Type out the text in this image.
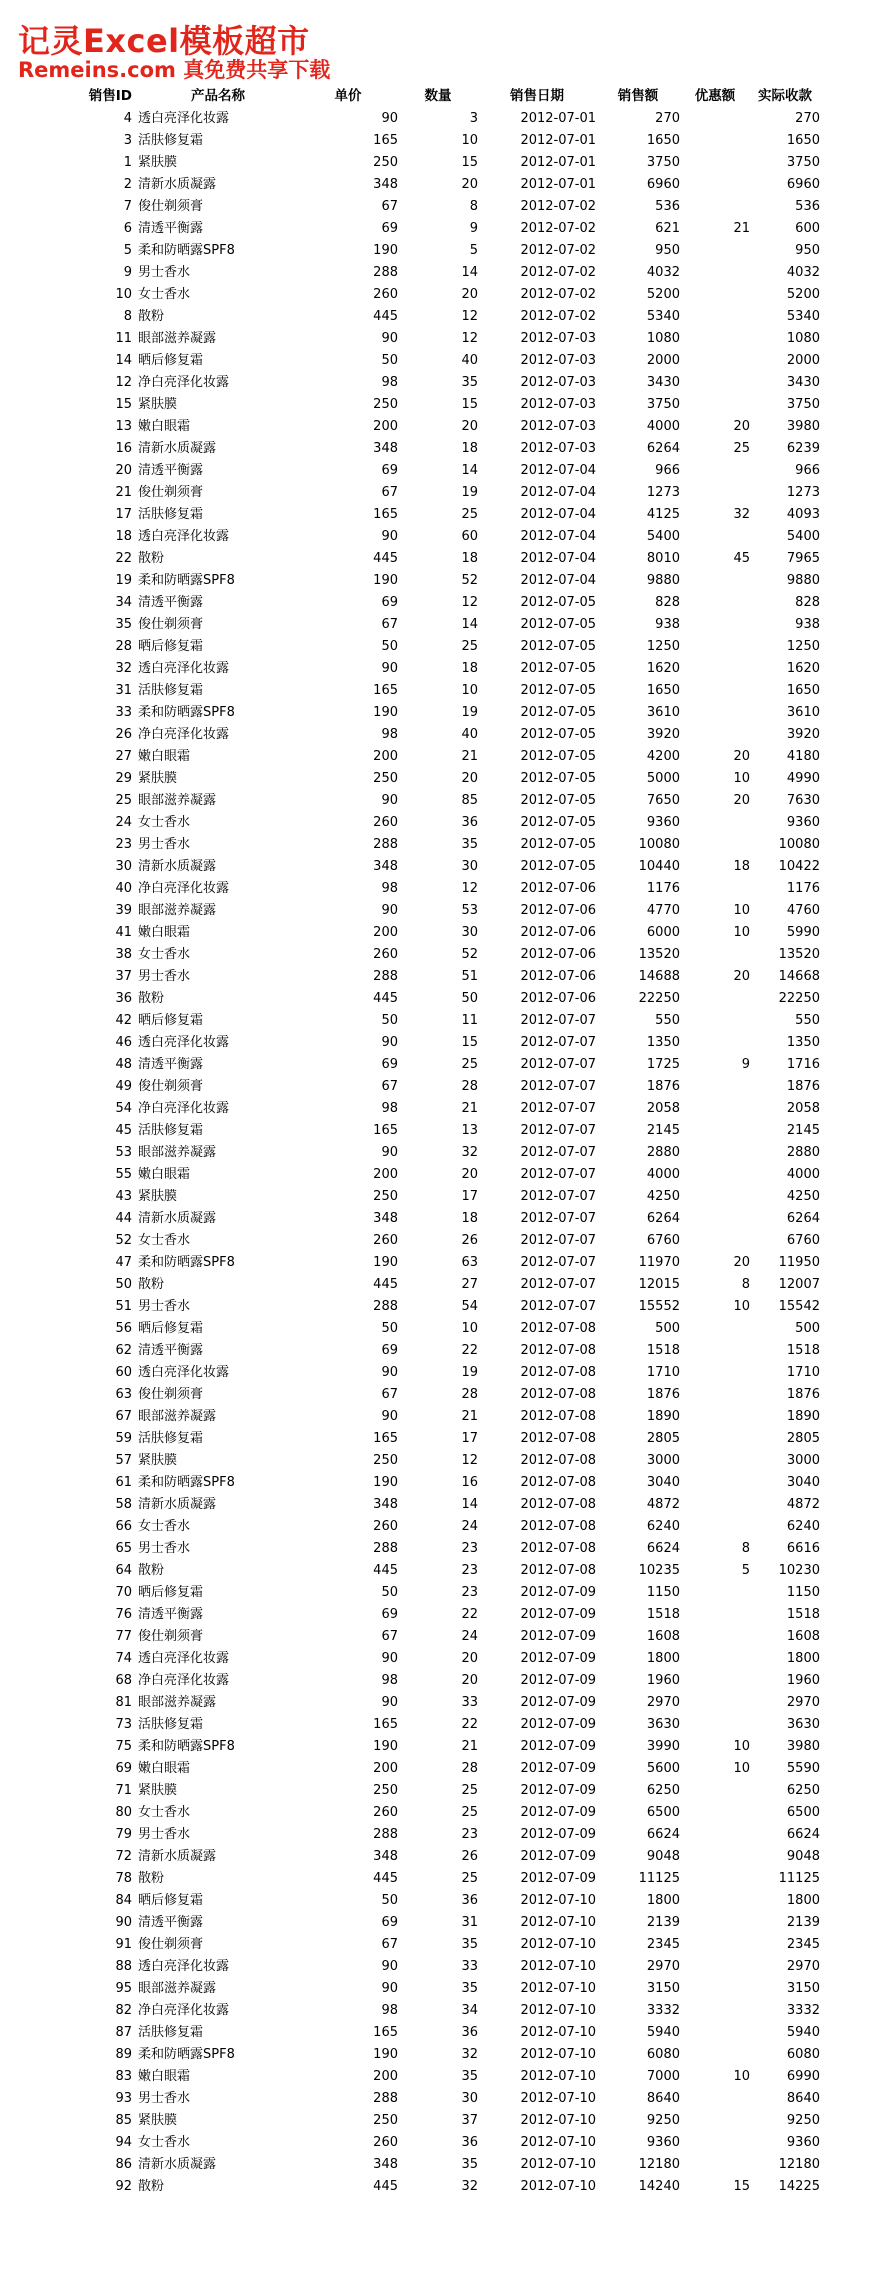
记灵Excel模板超市
Remeins.com 真免费共享下载
销售ID	产品名称	单价	数量	销售日期	销售额	优惠额	实际收款
4	透白亮泽化妆露	90	3	2012-07-01	270		270
3	活肤修复霜	165	10	2012-07-01	1650		1650
1	紧肤膜	250	15	2012-07-01	3750		3750
2	清新水质凝露	348	20	2012-07-01	6960		6960
7	俊仕剃须膏	67	8	2012-07-02	536		536
6	清透平衡露	69	9	2012-07-02	621	21	600
5	柔和防晒露SPF8	190	5	2012-07-02	950		950
9	男士香水	288	14	2012-07-02	4032		4032
10	女士香水	260	20	2012-07-02	5200		5200
8	散粉	445	12	2012-07-02	5340		5340
11	眼部滋养凝露	90	12	2012-07-03	1080		1080
14	晒后修复霜	50	40	2012-07-03	2000		2000
12	净白亮泽化妆露	98	35	2012-07-03	3430		3430
15	紧肤膜	250	15	2012-07-03	3750		3750
13	嫩白眼霜	200	20	2012-07-03	4000	20	3980
16	清新水质凝露	348	18	2012-07-03	6264	25	6239
20	清透平衡露	69	14	2012-07-04	966		966
21	俊仕剃须膏	67	19	2012-07-04	1273		1273
17	活肤修复霜	165	25	2012-07-04	4125	32	4093
18	透白亮泽化妆露	90	60	2012-07-04	5400		5400
22	散粉	445	18	2012-07-04	8010	45	7965
19	柔和防晒露SPF8	190	52	2012-07-04	9880		9880
34	清透平衡露	69	12	2012-07-05	828		828
35	俊仕剃须膏	67	14	2012-07-05	938		938
28	晒后修复霜	50	25	2012-07-05	1250		1250
32	透白亮泽化妆露	90	18	2012-07-05	1620		1620
31	活肤修复霜	165	10	2012-07-05	1650		1650
33	柔和防晒露SPF8	190	19	2012-07-05	3610		3610
26	净白亮泽化妆露	98	40	2012-07-05	3920		3920
27	嫩白眼霜	200	21	2012-07-05	4200	20	4180
29	紧肤膜	250	20	2012-07-05	5000	10	4990
25	眼部滋养凝露	90	85	2012-07-05	7650	20	7630
24	女士香水	260	36	2012-07-05	9360		9360
23	男士香水	288	35	2012-07-05	10080		10080
30	清新水质凝露	348	30	2012-07-05	10440	18	10422
40	净白亮泽化妆露	98	12	2012-07-06	1176		1176
39	眼部滋养凝露	90	53	2012-07-06	4770	10	4760
41	嫩白眼霜	200	30	2012-07-06	6000	10	5990
38	女士香水	260	52	2012-07-06	13520		13520
37	男士香水	288	51	2012-07-06	14688	20	14668
36	散粉	445	50	2012-07-06	22250		22250
42	晒后修复霜	50	11	2012-07-07	550		550
46	透白亮泽化妆露	90	15	2012-07-07	1350		1350
48	清透平衡露	69	25	2012-07-07	1725	9	1716
49	俊仕剃须膏	67	28	2012-07-07	1876		1876
54	净白亮泽化妆露	98	21	2012-07-07	2058		2058
45	活肤修复霜	165	13	2012-07-07	2145		2145
53	眼部滋养凝露	90	32	2012-07-07	2880		2880
55	嫩白眼霜	200	20	2012-07-07	4000		4000
43	紧肤膜	250	17	2012-07-07	4250		4250
44	清新水质凝露	348	18	2012-07-07	6264		6264
52	女士香水	260	26	2012-07-07	6760		6760
47	柔和防晒露SPF8	190	63	2012-07-07	11970	20	11950
50	散粉	445	27	2012-07-07	12015	8	12007
51	男士香水	288	54	2012-07-07	15552	10	15542
56	晒后修复霜	50	10	2012-07-08	500		500
62	清透平衡露	69	22	2012-07-08	1518		1518
60	透白亮泽化妆露	90	19	2012-07-08	1710		1710
63	俊仕剃须膏	67	28	2012-07-08	1876		1876
67	眼部滋养凝露	90	21	2012-07-08	1890		1890
59	活肤修复霜	165	17	2012-07-08	2805		2805
57	紧肤膜	250	12	2012-07-08	3000		3000
61	柔和防晒露SPF8	190	16	2012-07-08	3040		3040
58	清新水质凝露	348	14	2012-07-08	4872		4872
66	女士香水	260	24	2012-07-08	6240		6240
65	男士香水	288	23	2012-07-08	6624	8	6616
64	散粉	445	23	2012-07-08	10235	5	10230
70	晒后修复霜	50	23	2012-07-09	1150		1150
76	清透平衡露	69	22	2012-07-09	1518		1518
77	俊仕剃须膏	67	24	2012-07-09	1608		1608
74	透白亮泽化妆露	90	20	2012-07-09	1800		1800
68	净白亮泽化妆露	98	20	2012-07-09	1960		1960
81	眼部滋养凝露	90	33	2012-07-09	2970		2970
73	活肤修复霜	165	22	2012-07-09	3630		3630
75	柔和防晒露SPF8	190	21	2012-07-09	3990	10	3980
69	嫩白眼霜	200	28	2012-07-09	5600	10	5590
71	紧肤膜	250	25	2012-07-09	6250		6250
80	女士香水	260	25	2012-07-09	6500		6500
79	男士香水	288	23	2012-07-09	6624		6624
72	清新水质凝露	348	26	2012-07-09	9048		9048
78	散粉	445	25	2012-07-09	11125		11125
84	晒后修复霜	50	36	2012-07-10	1800		1800
90	清透平衡露	69	31	2012-07-10	2139		2139
91	俊仕剃须膏	67	35	2012-07-10	2345		2345
88	透白亮泽化妆露	90	33	2012-07-10	2970		2970
95	眼部滋养凝露	90	35	2012-07-10	3150		3150
82	净白亮泽化妆露	98	34	2012-07-10	3332		3332
87	活肤修复霜	165	36	2012-07-10	5940		5940
89	柔和防晒露SPF8	190	32	2012-07-10	6080		6080
83	嫩白眼霜	200	35	2012-07-10	7000	10	6990
93	男士香水	288	30	2012-07-10	8640		8640
85	紧肤膜	250	37	2012-07-10	9250		9250
94	女士香水	260	36	2012-07-10	9360		9360
86	清新水质凝露	348	35	2012-07-10	12180		12180
92	散粉	445	32	2012-07-10	14240	15	14225
